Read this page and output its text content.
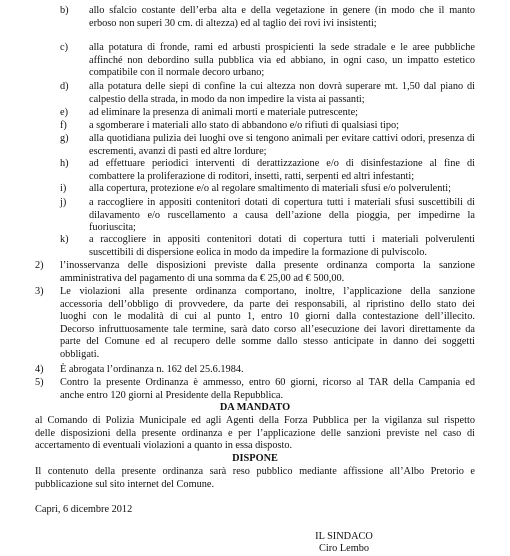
b) allo sfalcio costante dell’erba alta e della vegetazione in genere (in modo che il manto
erboso non superi 30 cm. di altezza) ed al taglio dei rovi ivi insistenti;
c) alla potatura di fronde, rami ed arbusti prospicienti la sede stradale e le aree pubbliche
affinché non debordino sulla pubblica via ed abbiano, in ogni caso, un impatto estetico
compatibile con il normale decoro urbano;
d) alla potatura delle siepi di confine la cui altezza non dovrà superare mt. 1,50 dal piano di
calpestio della strada, in modo da non impedire la vista ai passanti;
e) ad eliminare la presenza di animali morti e materiale putrescente;
f) a sgomberare i materiali allo stato di abbandono e/o rifiuti di qualsiasi tipo;
g) alla quotidiana pulizia dei luoghi ove si tengono animali per evitare cattivi odori, presenza di
escrementi, avanzi di pasti ed altre lordure;
h) ad effettuare periodici interventi di derattizzazione e/o di disinfestazione al fine di
combattere la proliferazione di roditori, insetti, ratti, serpenti ed altri infestanti;
i) alla copertura, protezione e/o al regolare smaltimento di materiali sfusi e/o polverulenti;
j) a raccogliere in appositi contenitori dotati di copertura tutti i materiali sfusi suscettibili di
dilavamento e/o ruscellamento a causa dell’azione della pioggia, per impedirne la
fuoriuscita;
k) a raccogliere in appositi contenitori dotati di copertura tutti i materiali polverulenti
suscettibili di dispersione eolica in modo da impedire la formazione di pulviscolo.
2) l’inosservanza delle disposizioni previste dalla presente ordinanza comporta la sanzione
amministrativa del pagamento di una somma da € 25,00 ad € 500,00.
3) Le violazioni alla presente ordinanza comportano, inoltre, l’applicazione della sanzione
accessoria dell’obbligo di provvedere, da parte dei responsabili, al ripristino dello stato dei
luoghi con le modalità di cui al punto 1, entro 10 giorni dalla contestazione dell’illecito.
Decorso infruttuosamente tale termine, sarà dato corso all’esecuzione dei lavori direttamente da
parte del Comune ed al recupero delle somme dallo stesso anticipate in danno dei soggetti
obbligati.
4) È abrogata l’ordinanza n. 162 del 25.6.1984.
5) Contro la presente Ordinanza è ammesso, entro 60 giorni, ricorso al TAR della Campania ed
anche entro 120 giorni al Presidente della Repubblica.
DA MANDATO
al Comando di Polizia Municipale ed agli Agenti della Forza Pubblica per la vigilanza sul rispetto
delle disposizioni della presente ordinanza e per l’applicazione delle sanzioni previste nel caso di
accertamento di eventuali violazioni a quanto in essa disposto.
DISPONE
Il contenuto della presente ordinanza sarà reso pubblico mediante affissione all’Albo Pretorio e
pubblicazione sul sito internet del Comune.
Capri, 6 dicembre 2012
IL SINDACO
Ciro Lembo
